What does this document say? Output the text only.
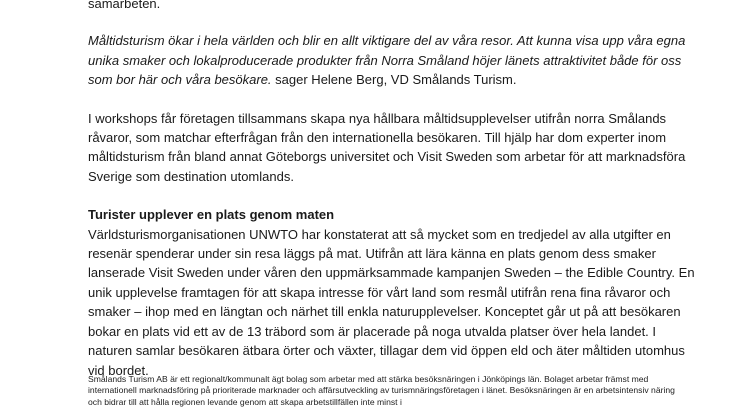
samarbeten.

Måltidsturism ökar i hela världen och blir en allt viktigare del av våra resor. Att kunna visa upp våra egna unika smaker och lokalproducerade produkter från Norra Småland höjer länets attraktivitet både för oss som bor här och våra besökare. sager Helene Berg, VD Smålands Turism.

I workshops får företagen tillsammans skapa nya hållbara måltidsupplevelser utifrån norra Smålands råvaror, som matchar efterfrågan från den internationella besökaren. Till hjälp har dom experter inom måltidsturism från bland annat Göteborgs universitet och Visit Sweden som arbetar för att marknadsföra Sverige som destination utomlands.

Turister upplever en plats genom maten

Världsturismorganisationen UNWTO har konstaterat att så mycket som en tredjedel av alla utgifter en resenär spenderar under sin resa läggs på mat. Utifrån att lära känna en plats genom dess smaker lanserade Visit Sweden under våren den uppmärksammade kampanjen Sweden – the Edible Country. En unik upplevelse framtagen för att skapa intresse för vårt land som resmål utifrån rena fina råvaror och smaker – ihop med en längtan och närhet till enkla naturupplevelser. Konceptet går ut på att besökaren bokar en plats vid ett av de 13 träbord som är placerade på noga utvalda platser över hela landet. I naturen samlar besökaren ätbara örter och växter, tillagar dem vid öppen eld och äter måltiden utomhus vid bordet.

Smålands Turism AB är ett regionalt/kommunalt ägt bolag som arbetar med att stärka besöksnäringen i Jönköpings län. Bolaget arbetar främst med internationell marknadsföring på prioriterade marknader och affärsutveckling av turismnäringsföretagen i länet. Besöksnäringen är en arbetsintensiv näring och bidrar till att hålla regionen levande genom att skapa arbetstillfällen inte minst i
